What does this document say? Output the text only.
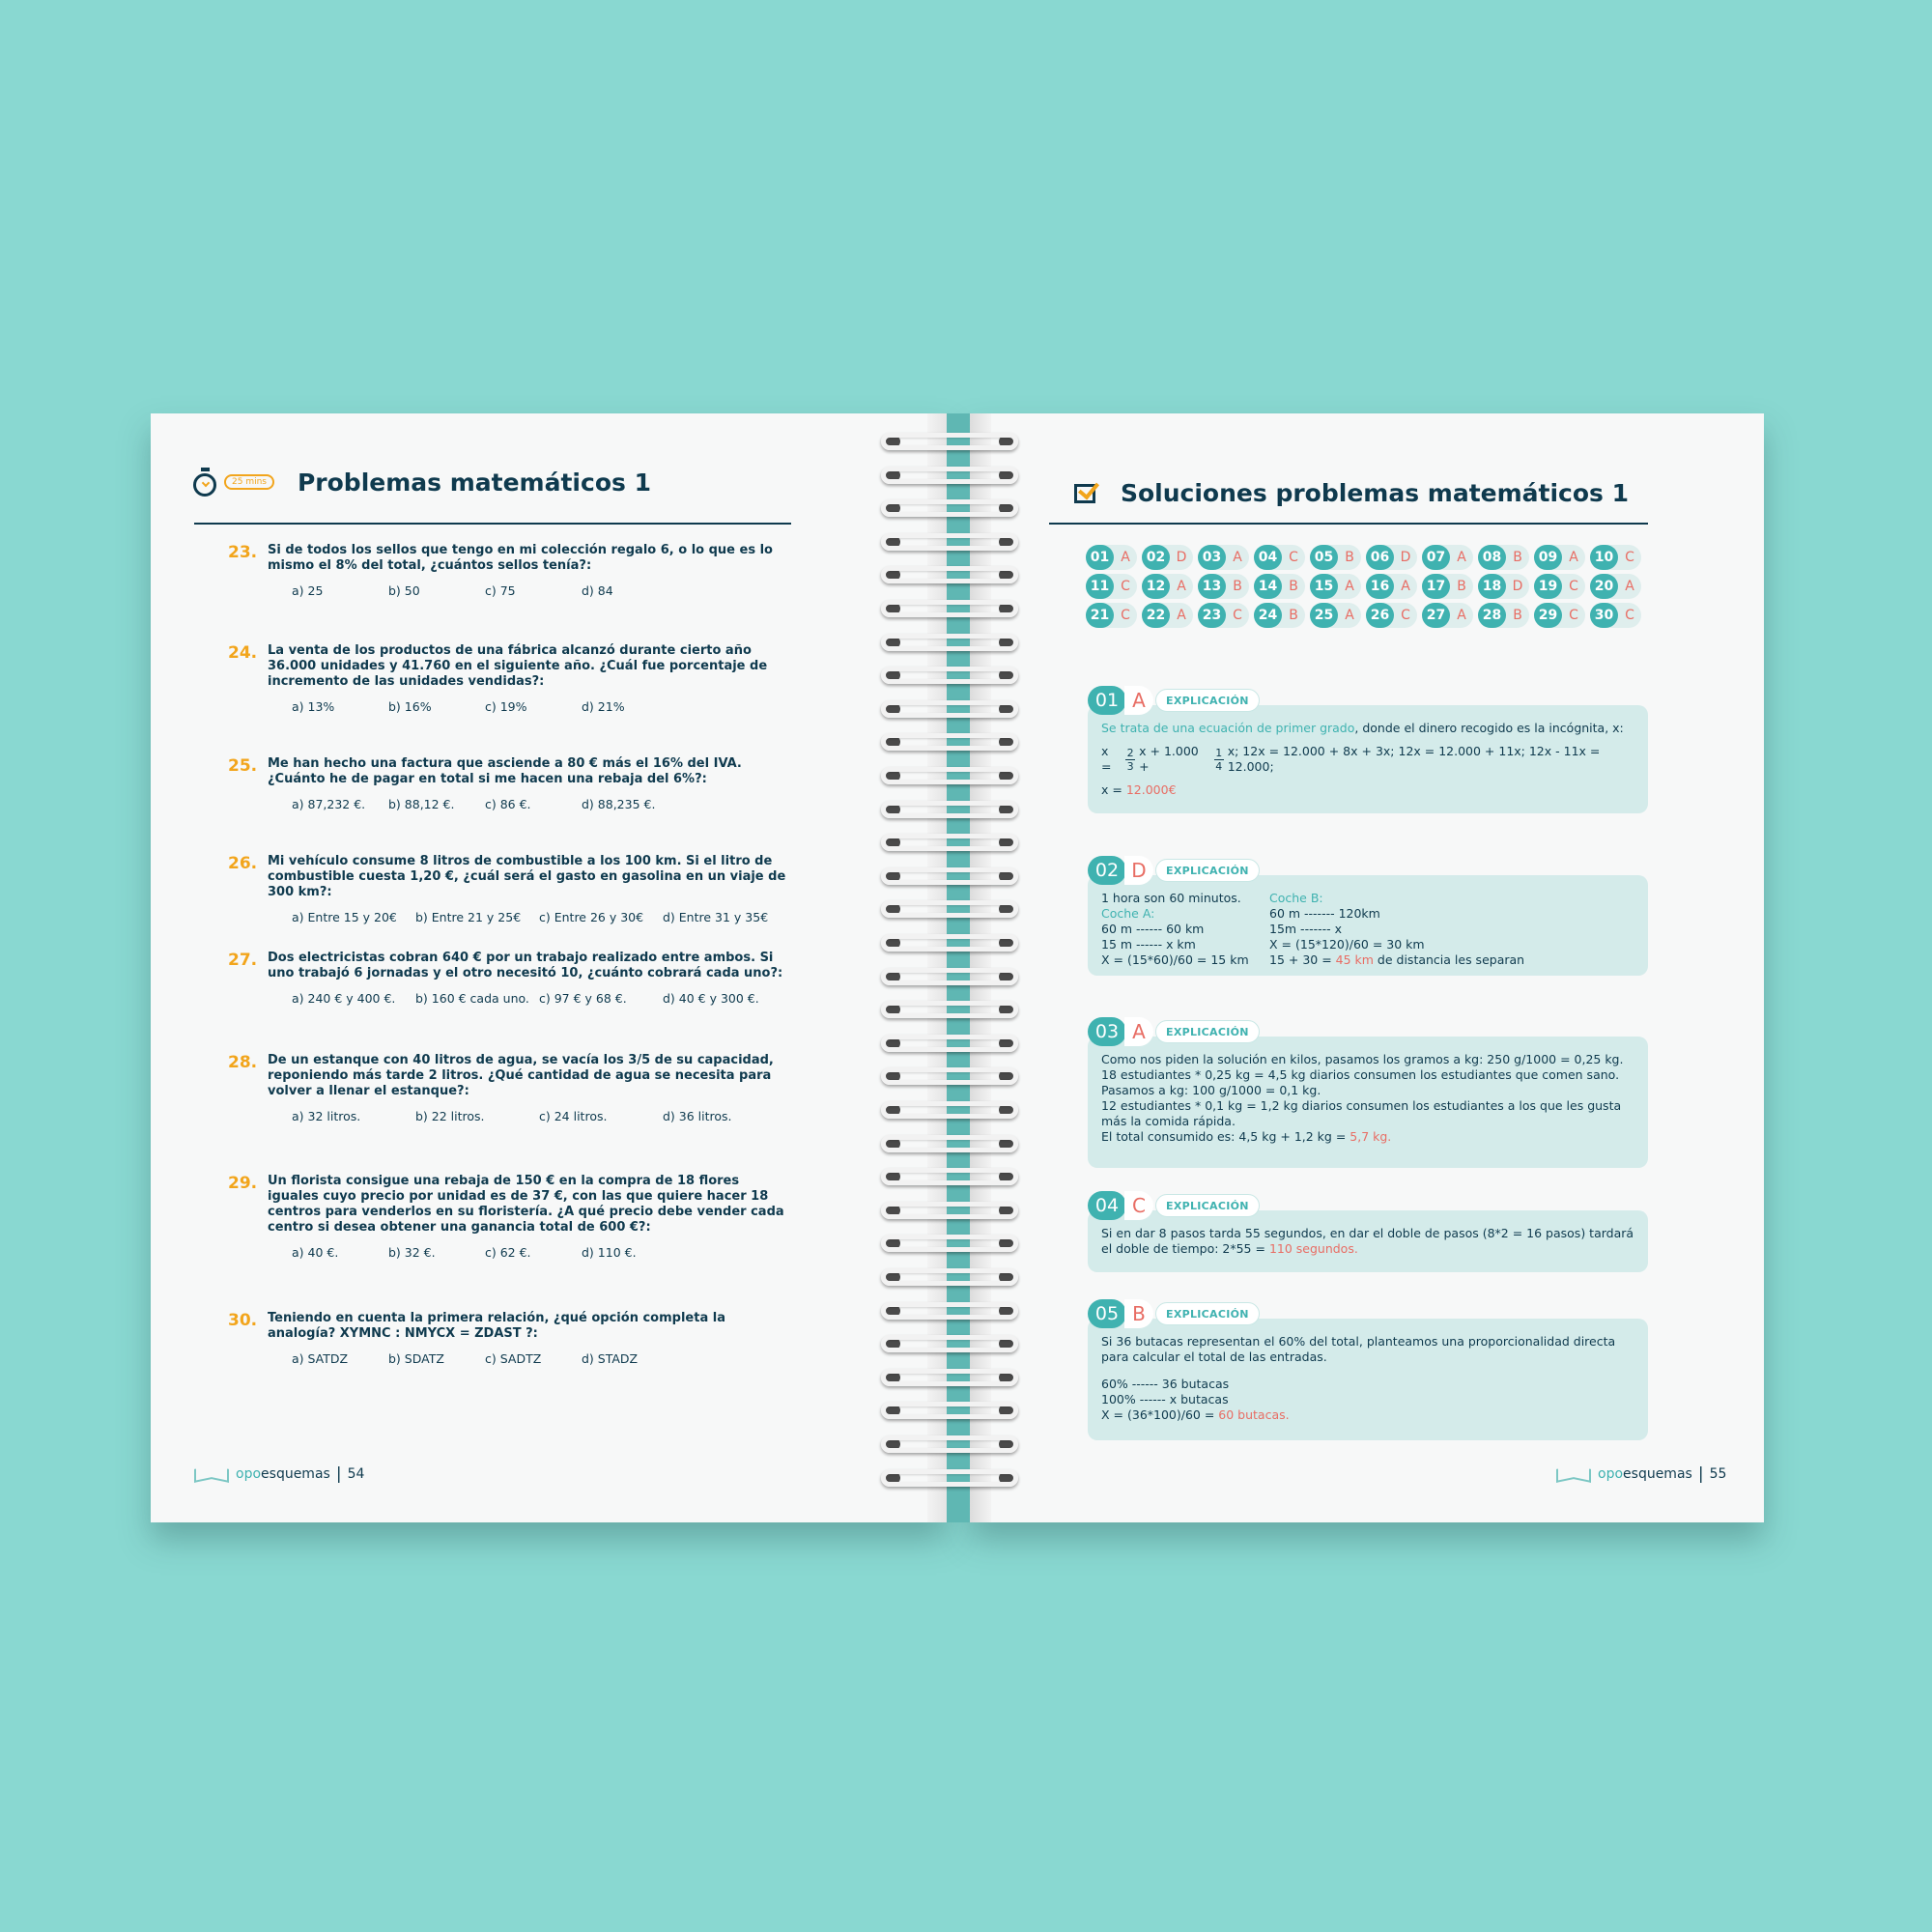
25 mins	Problemas matemáticos 1
23. Si de todos los sellos que tengo en mi colección regalo 6, o lo que es lo mismo el 8% del total, ¿cuántos sellos tenía?:
a) 25	b) 50	c) 75	d) 84
24. La venta de los productos de una fábrica alcanzó durante cierto año 36.000 unidades y 41.760 en el siguiente año. ¿Cuál fue porcentaje de incremento de las unidades vendidas?:
a) 13%	b) 16%	c) 19%	d) 21%
25. Me han hecho una factura que asciende a 80 € más el 16% del IVA. ¿Cuánto he de pagar en total si me hacen una rebaja del 6%?:
a) 87,232 €.	b) 88,12 €.	c) 86 €.	d) 88,235 €.
26. Mi vehículo consume 8 litros de combustible a los 100 km. Si el litro de combustible cuesta 1,20 €, ¿cuál será el gasto en gasolina en un viaje de 300 km?:
a) Entre 15 y 20€	b) Entre 21 y 25€	c) Entre 26 y 30€	d) Entre 31 y 35€
27. Dos electricistas cobran 640 € por un trabajo realizado entre ambos. Si uno trabajó 6 jornadas y el otro necesitó 10, ¿cuánto cobrará cada uno?:
a) 240 € y 400 €.	b) 160 € cada uno. c) 97 € y 68 €.	d) 40 € y 300 €.
28. De un estanque con 40 litros de agua, se vacía los 3/5 de su capacidad, reponiendo más tarde 2 litros. ¿Qué cantidad de agua se necesita para volver a llenar el estanque?:
a) 32 litros.	b) 22 litros.	c) 24 litros.	d) 36 litros.
29. Un florista consigue una rebaja de 150 € en la compra de 18 flores iguales cuyo precio por unidad es de 37 €, con las que quiere hacer 18 centros para venderlos en su floristería. ¿A qué precio debe vender cada centro si desea obtener una ganancia total de 600 €?:
a) 40 €.	b) 32 €.	c) 62 €.	d) 110 €.
30. Teniendo en cuenta la primera relación, ¿qué opción completa la analogía? XYMNC : NMYCX = ZDAST ?:
a) SATDZ	b) SDATZ	c) SADTZ	d) STADZ
opo esquemas | 54
Soluciones problemas matemáticos 1
01 A	02 D	03 A	04 C	05 B	06 D	07 A	08 B	09 A	10 C
11 C	12 A	13 B	14 B	15 A	16 A	17 B	18 D	19 C	20 A
21 C	22 A	23 C	24 B	25 A	26 C	27 A	28 B	29 C	30 C
01 A	EXPLICACIÓN
Se trata de una ecuación de primer grado, donde el dinero recogido es la incógnita, x:
x =	$\frac{2}{3}$ x + 1.000 +	$\frac{1}{4} x$; 12x = 12.000 + 8x + 3x; 12x = 12.000 + 11x; 12x - 11x = 12.000;
x = 12.000€
02 D	EXPLICACIÓN
1 hora son 60 minutos.
Coche A:
60 m ------ 60 km
15 m ------ x km
X = (15*60)/60 = 15 km
Coche B:
60 m ------- 120km
15m ------- x
X = (15*120)/60 = 30 km
15 + 30 = 45 km de distancia les separan
03 A	EXPLICACIÓN
Como nos piden la solución en kilos, pasamos los gramos a kg: 250 g/1000 = 0,25 kg.
18 estudiantes * 0,25 kg = 4,5 kg diarios consumen los estudiantes que comen sano.
Pasamos a kg: 100 g/1000 = 0,1 kg.
12 estudiantes * 0,1 kg = 1,2 kg diarios consumen los estudiantes a los que les gusta más la comida rápida.
El total consumido es: 4,5 kg + 1,2 kg = 5,7 kg.
04 C	EXPLICACIÓN
Si en dar 8 pasos tarda 55 segundos, en dar el doble de pasos (8*2 = 16 pasos) tardará el doble de tiempo: 2*55 = 110 segundos.
05 B	EXPLICACIÓN
Si 36 butacas representan el 60% del total, planteamos una proporcionalidad directa para calcular el total de las entradas.
60% ------ 36 butacas
100% ------ x butacas
X = (36*100)/60 = 60 butacas.
opo esquemas | 55
